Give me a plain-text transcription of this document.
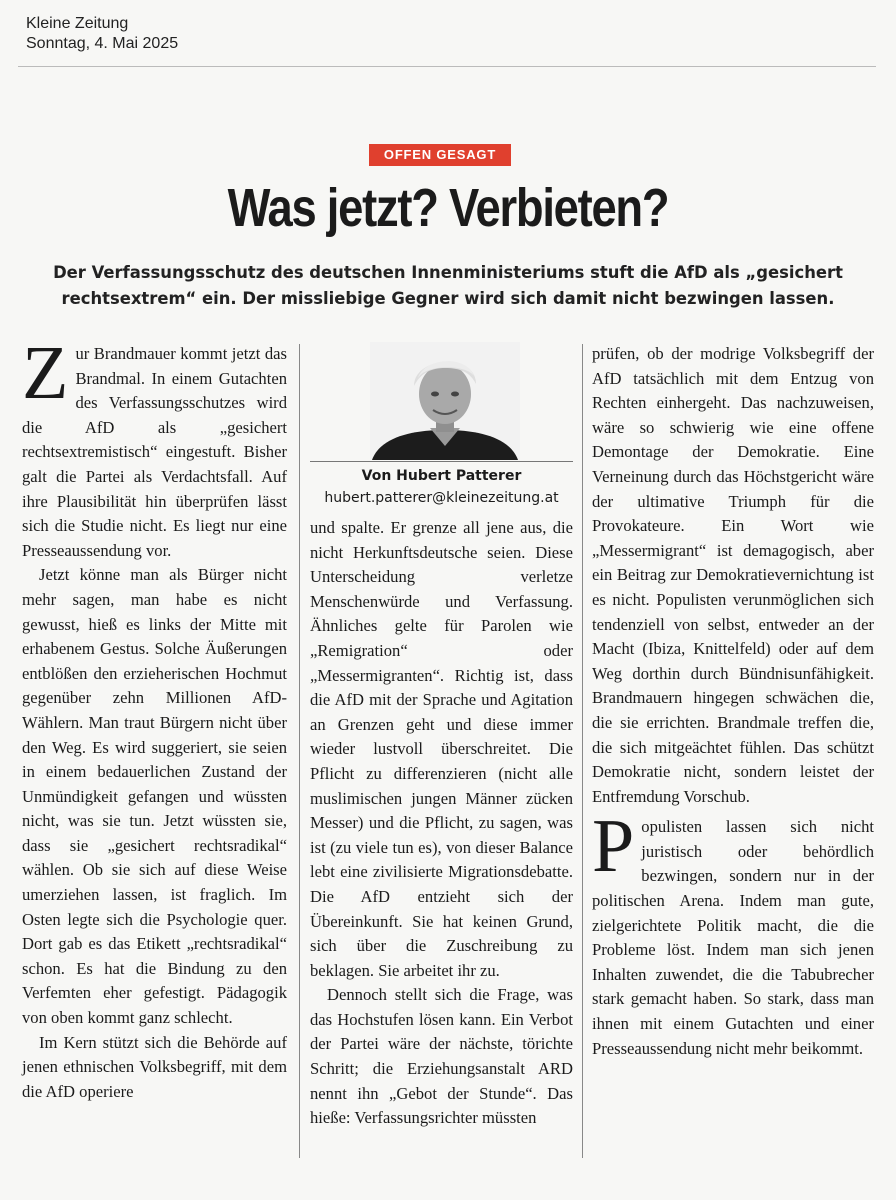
Kleine Zeitung
Sonntag, 4. Mai 2025
OFFEN GESAGT
Was jetzt? Verbieten?
Der Verfassungsschutz des deutschen Innenministeriums stuft die AfD als „gesichert rechtsextrem“ ein. Der missliebige Gegner wird sich damit nicht bezwingen lassen.

Zur Brandmauer kommt jetzt das Brandmal. In einem Gutachten des Verfassungsschutzes wird die AfD als „gesichert rechtsextremistisch“ eingestuft. Bisher galt die Partei als Verdachtsfall. Auf ihre Plausibilität hin überprüfen lässt sich die Studie nicht. Es liegt nur eine Presseaussendung vor.

Jetzt könne man als Bürger nicht mehr sagen, man habe es nicht gewusst, hieß es links der Mitte mit erhabenem Gestus. Solche Äußerungen entblößen den erzieherischen Hochmut gegenüber zehn Millionen AfD-Wählern. Man traut Bürgern nicht über den Weg. Es wird suggeriert, sie seien in einem bedauerlichen Zustand der Unmündigkeit gefangen und wüssten nicht, was sie tun. Jetzt wüssten sie, dass sie „gesichert rechtsradikal“ wählen. Ob sie sich auf diese Weise umerziehen lassen, ist fraglich. Im Osten legte sich die Psychologie quer. Dort gab es das Etikett „rechtsradikal“ schon. Es hat die Bindung zu den Verfemten eher gefestigt. Pädagogik von oben kommt ganz schlecht.

Im Kern stützt sich die Behörde auf jenen ethnischen Volksbegriff, mit dem die AfD operiere

Von Hubert Patterer
hubert.patterer@kleinezeitung.at

und spalte. Er grenze all jene aus, die nicht Herkunftsdeutsche seien. Diese Unterscheidung verletze Menschenwürde und Verfassung. Ähnliches gelte für Parolen wie „Remigration“ oder „Messermigranten“. Richtig ist, dass die AfD mit der Sprache und Agitation an Grenzen geht und diese immer wieder lustvoll überschreitet. Die Pflicht zu differenzieren (nicht alle muslimischen jungen Männer zücken Messer) und die Pflicht, zu sagen, was ist (zu viele tun es), von dieser Balance lebt eine zivilisierte Migrationsdebatte. Die AfD entzieht sich der Übereinkunft. Sie hat keinen Grund, sich über die Zuschreibung zu beklagen. Sie arbeitet ihr zu.

Dennoch stellt sich die Frage, was das Hochstufen lösen kann. Ein Verbot der Partei wäre der nächste, törichte Schritt; die Erziehungsanstalt ARD nennt ihn „Gebot der Stunde“. Das hieße: Verfassungsrichter müssten

prüfen, ob der modrige Volksbegriff der AfD tatsächlich mit dem Entzug von Rechten einhergeht. Das nachzuweisen, wäre so schwierig wie eine offene Demontage der Demokratie. Eine Verneinung durch das Höchstgericht wäre der ultimative Triumph für die Provokateure. Ein Wort wie „Messermigrant“ ist demagogisch, aber ein Beitrag zur Demokratievernichtung ist es nicht. Populisten verunmöglichen sich tendenziell von selbst, entweder an der Macht (Ibiza, Knittelfeld) oder auf dem Weg dorthin durch Bündnisunfähigkeit. Brandmauern hingegen schwächen die, die sie errichten. Brandmale treffen die, die sich mitgeächtet fühlen. Das schützt Demokratie nicht, sondern leistet der Entfremdung Vorschub.

Populisten lassen sich nicht juristisch oder behördlich bezwingen, sondern nur in der politischen Arena. Indem man gute, zielgerichtete Politik macht, die die Probleme löst. Indem man sich jenen Inhalten zuwendet, die die Tabubrecher stark gemacht haben. So stark, dass man ihnen mit einem Gutachten und einer Presseaussendung nicht mehr beikommt.
